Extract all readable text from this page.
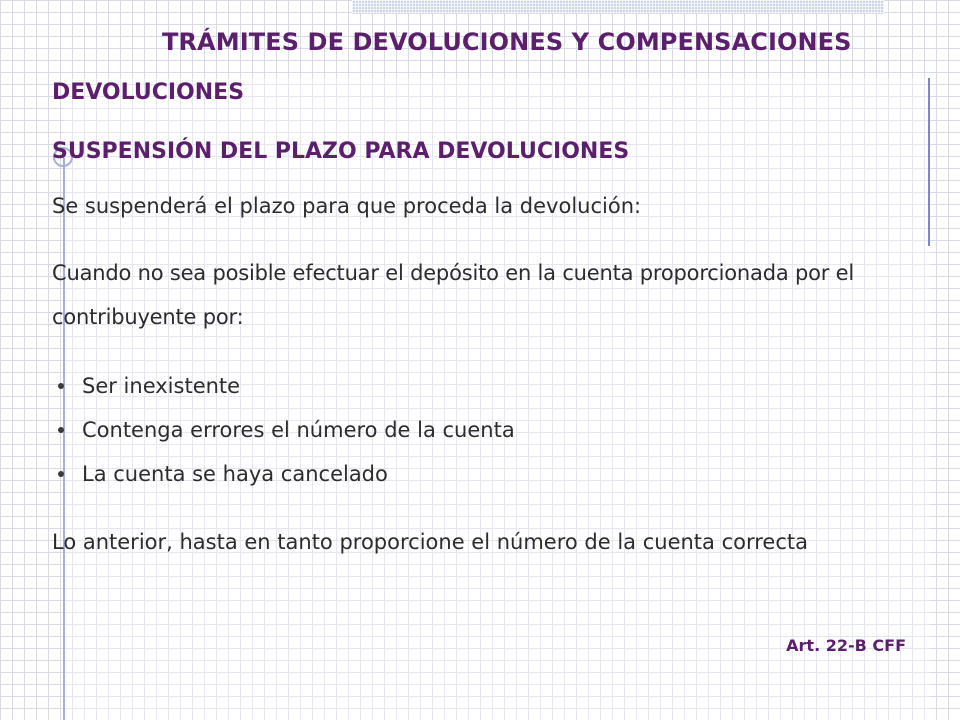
TRÁMITES DE DEVOLUCIONES Y COMPENSACIONES
DEVOLUCIONES
SUSPENSIÓN DEL PLAZO PARA DEVOLUCIONES

Se suspenderá el plazo para que proceda la devolución:

Cuando no sea posible efectuar el depósito en la cuenta proporcionada por el contribuyente por:

Ser inexistente
Contenga errores el número de la cuenta
La cuenta se haya cancelado

Lo anterior, hasta en tanto proporcione el número de la cuenta correcta

Art. 22-B CFF
